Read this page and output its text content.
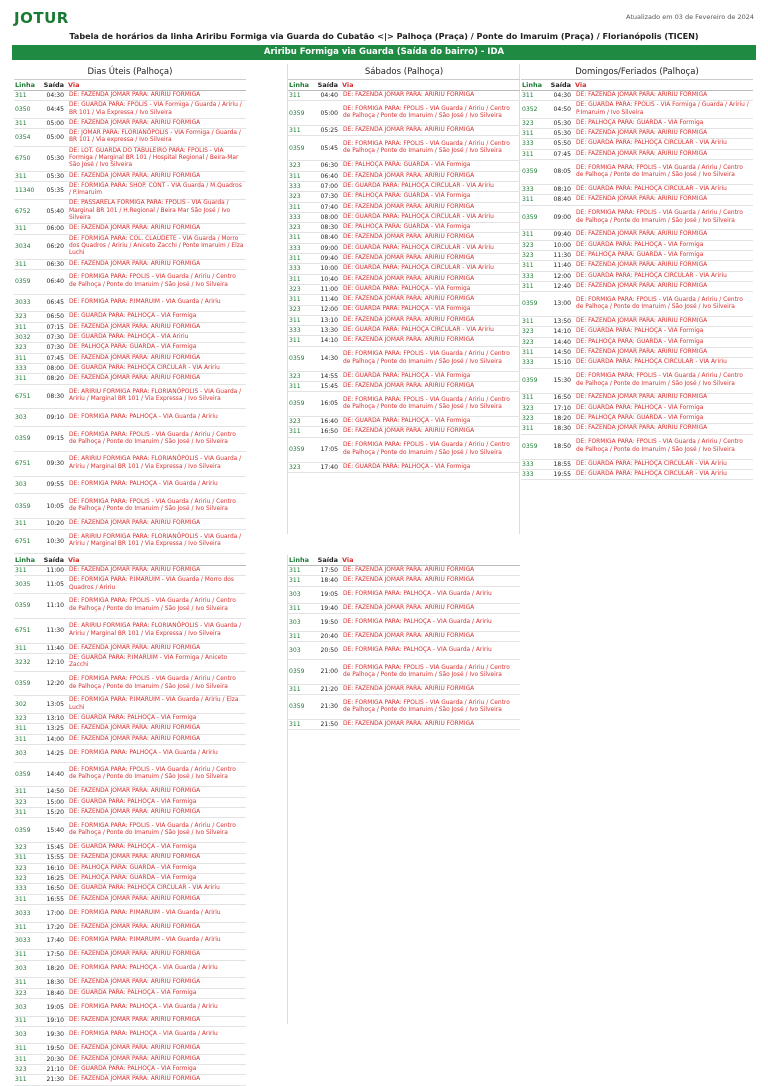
JOTUR	Atualizado em 03 de Fevereiro de 2024
Tabela de horários da linha Ariribu Formiga via Guarda do Cubatão <|> Palhoça (Praça) / Ponte do Imaruim (Praça) / Florianópolis (TICEN)
Ariribu Formiga via Guarda (Saída do bairro) - IDA
Dias Úteis (Palhoça)
Linha	Saída Via
311	04:30 DE: FAZENDA JOMAR PARA: ARIRIU FORMIGA
0350	04:45
DE: GUARDA PARA: FPOLIS - VIA Formiga / Guarda / Aririu / BR 101 / Via Expressa / Ivo Silveira
311	05:00 DE: FAZENDA JOMAR PARA: ARIRIU FORMIGA
0354	05:00
DE: JOMAR PARA: FLORIANÓPOLIS - VIA Formiga / Guarda / BR 101 / Via expressa / Ivo Silveira
6750	05:30
DE: LOT. GUARDA DO TABULEIRO PARA: FPOLIS - VIA Formiga / Marginal BR 101 / Hospital Regional / Beira-Mar São José / Ivo Silveira
311	05:30 DE: FAZENDA JOMAR PARA: ARIRIU FORMIGA
11340	05:35
DE: FORMIGA PARA: SHOP. CONT - VIA Guarda / M.Quadros / P.Imaruim
6752	05:40
DE: PASSARELA FORMIGA PARA: FPOLIS - VIA Guarda / Marginal BR 101 / H.Regional / Beira Mar São José / Ivo Silveira
311	06:00 DE: FAZENDA JOMAR PARA: ARIRIU FORMIGA
3034	06:20
DE: FORMIGA PARA: COL. CLAUDETE - VIA Guarda / Morro dos Quadros / Aririu / Aniceto Zacchi / Ponte Imaruim / Elza Luchi
311	06:30 DE: FAZENDA JOMAR PARA: ARIRIU FORMIGA
0359	06:40
DE: FORMIGA PARA: FPOLIS - VIA Guarda / Aririu / Centro de Palhoça / Ponte do Imaruim / São José / Ivo Silveira
3033	06:45 DE: FORMIGA PARA: P.IMARUIM - VIA Guarda / Aririu
323	06:50 DE: GUARDA PARA: PALHOÇA - VIA Formiga
311	07:15 DE: FAZENDA JOMAR PARA: ARIRIU FORMIGA
3032	07:30 DE: GUARDA PARA: PALHOÇA - VIA Aririu
323	07:30 DE: PALHOÇA PARA: GUARDA - VIA Formiga
311	07:45 DE: FAZENDA JOMAR PARA: ARIRIU FORMIGA
333	08:00 DE: GUARDA PARA: PALHOÇA CIRCULAR - VIA Aririu
311	08:20 DE: FAZENDA JOMAR PARA: ARIRIU FORMIGA
6751	08:30
DE: ARIRIU FORMIGA PARA: FLORIANÓPOLIS - VIA Guarda / Aririu / Marginal BR 101 / Via Expressa / Ivo Silveira
303	09:10 DE: FORMIGA PARA: PALHOÇA - VIA Guarda / Aririu
0359	09:15
DE: FORMIGA PARA: FPOLIS - VIA Guarda / Aririu / Centro de Palhoça / Ponte do Imaruim / São José / Ivo Silveira
6751	09:30
DE: ARIRIU FORMIGA PARA: FLORIANÓPOLIS - VIA Guarda / Aririu / Marginal BR 101 / Via Expressa / Ivo Silveira
303	09:55 DE: FORMIGA PARA: PALHOÇA - VIA Guarda / Aririu
0359	10:05
DE: FORMIGA PARA: FPOLIS - VIA Guarda / Aririu / Centro de Palhoça / Ponte do Imaruim / São José / Ivo Silveira
311	10:20 DE: FAZENDA JOMAR PARA: ARIRIU FORMIGA
6751	10:30
DE: ARIRIU FORMIGA PARA: FLORIANÓPOLIS - VIA Guarda / Aririu / Marginal BR 101 / Via Expressa / Ivo Silveira
Sábados (Palhoça)
Linha	Saída Via
311	04:40 DE: FAZENDA JOMAR PARA: ARIRIU FORMIGA
0359	05:00
DE: FORMIGA PARA: FPOLIS - VIA Guarda / Aririu / Centro de Palhoça / Ponte do Imaruim / São José / Ivo Silveira
311	05:25 DE: FAZENDA JOMAR PARA: ARIRIU FORMIGA
0359	05:45
DE: FORMIGA PARA: FPOLIS - VIA Guarda / Aririu / Centro de Palhoça / Ponte do Imaruim / São José / Ivo Silveira
323	06:30 DE: PALHOÇA PARA: GUARDA - VIA Formiga
311	06:40 DE: FAZENDA JOMAR PARA: ARIRIU FORMIGA
333	07:00 DE: GUARDA PARA: PALHOÇA CIRCULAR - VIA Aririu
323	07:30 DE: PALHOÇA PARA: GUARDA - VIA Formiga
311	07:40 DE: FAZENDA JOMAR PARA: ARIRIU FORMIGA
333	08:00 DE: GUARDA PARA: PALHOÇA CIRCULAR - VIA Aririu
323	08:30 DE: PALHOÇA PARA: GUARDA - VIA Formiga
311	08:40 DE: FAZENDA JOMAR PARA: ARIRIU FORMIGA
333	09:00 DE: GUARDA PARA: PALHOÇA CIRCULAR - VIA Aririu
311	09:40 DE: FAZENDA JOMAR PARA: ARIRIU FORMIGA
333	10:00 DE: GUARDA PARA: PALHOÇA CIRCULAR - VIA Aririu
311	10:40 DE: FAZENDA JOMAR PARA: ARIRIU FORMIGA
323	11:00 DE: GUARDA PARA: PALHOÇA - VIA Formiga
311	11:40 DE: FAZENDA JOMAR PARA: ARIRIU FORMIGA
323	12:00 DE: GUARDA PARA: PALHOÇA - VIA Formiga
311	13:10 DE: FAZENDA JOMAR PARA: ARIRIU FORMIGA
333	13:30 DE: GUARDA PARA: PALHOÇA CIRCULAR - VIA Aririu
311	14:10 DE: FAZENDA JOMAR PARA: ARIRIU FORMIGA
0359	14:30
DE: FORMIGA PARA: FPOLIS - VIA Guarda / Aririu / Centro de Palhoça / Ponte do Imaruim / São José / Ivo Silveira
323	14:55 DE: GUARDA PARA: PALHOÇA - VIA Formiga
311	15:45 DE: FAZENDA JOMAR PARA: ARIRIU FORMIGA
0359	16:05
DE: FORMIGA PARA: FPOLIS - VIA Guarda / Aririu / Centro de Palhoça / Ponte do Imaruim / São José / Ivo Silveira
323	16:40 DE: GUARDA PARA: PALHOÇA - VIA Formiga
311	16:50 DE: FAZENDA JOMAR PARA: ARIRIU FORMIGA
0359	17:05
DE: FORMIGA PARA: FPOLIS - VIA Guarda / Aririu / Centro de Palhoça / Ponte do Imaruim / São José / Ivo Silveira
323	17:40 DE: GUARDA PARA: PALHOÇA - VIA Formiga
Domingos/Feriados (Palhoça)
Linha	Saída Via
311	04:30 DE: FAZENDA JOMAR PARA: ARIRIU FORMIGA
0352	04:50
DE: GUARDA PARA: FPOLIS - VIA Formiga / Guarda / Aririu / P.Imaruim / Ivo Silveira
323	05:30 DE: PALHOÇA PARA: GUARDA - VIA Formiga
311	05:30 DE: FAZENDA JOMAR PARA: ARIRIU FORMIGA
333	05:50 DE: GUARDA PARA: PALHOÇA CIRCULAR - VIA Aririu
311	07:45 DE: FAZENDA JOMAR PARA: ARIRIU FORMIGA
0359	08:05
DE: FORMIGA PARA: FPOLIS - VIA Guarda / Aririu / Centro de Palhoça / Ponte do Imaruim / São José / Ivo Silveira
333	08:10 DE: GUARDA PARA: PALHOÇA CIRCULAR - VIA Aririu
311	08:40 DE: FAZENDA JOMAR PARA: ARIRIU FORMIGA
0359	09:00
DE: FORMIGA PARA: FPOLIS - VIA Guarda / Aririu / Centro de Palhoça / Ponte do Imaruim / São José / Ivo Silveira
311	09:40 DE: FAZENDA JOMAR PARA: ARIRIU FORMIGA
323	10:00 DE: GUARDA PARA: PALHOÇA - VIA Formiga
323	11:30 DE: PALHOÇA PARA: GUARDA - VIA Formiga
311	11:40 DE: FAZENDA JOMAR PARA: ARIRIU FORMIGA
333	12:00 DE: GUARDA PARA: PALHOÇA CIRCULAR - VIA Aririu
311	12:40 DE: FAZENDA JOMAR PARA: ARIRIU FORMIGA
0359	13:00
DE: FORMIGA PARA: FPOLIS - VIA Guarda / Aririu / Centro de Palhoça / Ponte do Imaruim / São José / Ivo Silveira
311	13:50 DE: FAZENDA JOMAR PARA: ARIRIU FORMIGA
323	14:10 DE: GUARDA PARA: PALHOÇA - VIA Formiga
323	14:40 DE: PALHOÇA PARA: GUARDA - VIA Formiga
311	14:50 DE: FAZENDA JOMAR PARA: ARIRIU FORMIGA
333	15:10 DE: GUARDA PARA: PALHOÇA CIRCULAR - VIA Aririu
0359	15:30
DE: FORMIGA PARA: FPOLIS - VIA Guarda / Aririu / Centro de Palhoça / Ponte do Imaruim / São José / Ivo Silveira
311	16:50 DE: FAZENDA JOMAR PARA: ARIRIU FORMIGA
323	17:10 DE: GUARDA PARA: PALHOÇA - VIA Formiga
323	18:20 DE: PALHOÇA PARA: GUARDA - VIA Formiga
311	18:30 DE: FAZENDA JOMAR PARA: ARIRIU FORMIGA
0359	18:50
DE: FORMIGA PARA: FPOLIS - VIA Guarda / Aririu / Centro de Palhoça / Ponte do Imaruim / São José / Ivo Silveira
333	18:55 DE: GUARDA PARA: PALHOÇA CIRCULAR - VIA Aririu
333	19:55 DE: GUARDA PARA: PALHOÇA CIRCULAR - VIA Aririu
Linha	Saída Via
311	11:00 DE: FAZENDA JOMAR PARA: ARIRIU FORMIGA
3035	11:05
DE: FORMIGA PARA: P.IMARUIM - VIA Guarda / Morro dos Quadros / Aririu
0359	11:10
DE: FORMIGA PARA: FPOLIS - VIA Guarda / Aririu / Centro de Palhoça / Ponte do Imaruim / São José / Ivo Silveira
6751	11:30
DE: ARIRIU FORMIGA PARA: FLORIANÓPOLIS - VIA Guarda / Aririu / Marginal BR 101 / Via Expressa / Ivo Silveira
311	11:40 DE: FAZENDA JOMAR PARA: ARIRIU FORMIGA
3232	12:10
DE: GUARDA PARA: P.IMARUIM - VIA Formiga / Aniceto Zacchi
0359	12:20
DE: FORMIGA PARA: FPOLIS - VIA Guarda / Aririu / Centro de Palhoça / Ponte do Imaruim / São José / Ivo Silveira
302	13:05
DE: FORMIGA PARA: P.IMARUIM - VIA Guarda / Aririu / Elza Luchi
323	13:10 DE: GUARDA PARA: PALHOÇA - VIA Formiga
311	13:25 DE: FAZENDA JOMAR PARA: ARIRIU FORMIGA
311	14:00 DE: FAZENDA JOMAR PARA: ARIRIU FORMIGA
303	14:25 DE: FORMIGA PARA: PALHOÇA - VIA Guarda / Aririu
0359	14:40
DE: FORMIGA PARA: FPOLIS - VIA Guarda / Aririu / Centro de Palhoça / Ponte do Imaruim / São José / Ivo Silveira
311	14:50 DE: FAZENDA JOMAR PARA: ARIRIU FORMIGA
323	15:00 DE: GUARDA PARA: PALHOÇA - VIA Formiga
311	15:20 DE: FAZENDA JOMAR PARA: ARIRIU FORMIGA
0359	15:40
DE: FORMIGA PARA: FPOLIS - VIA Guarda / Aririu / Centro de Palhoça / Ponte do Imaruim / São José / Ivo Silveira
323	15:45 DE: GUARDA PARA: PALHOÇA - VIA Formiga
311	15:55 DE: FAZENDA JOMAR PARA: ARIRIU FORMIGA
323	16:10 DE: PALHOÇA PARA: GUARDA - VIA Formiga
323	16:25 DE: PALHOÇA PARA: GUARDA - VIA Formiga
333	16:50 DE: GUARDA PARA: PALHOÇA CIRCULAR - VIA Aririu
311	16:55 DE: FAZENDA JOMAR PARA: ARIRIU FORMIGA
3033	17:00 DE: FORMIGA PARA: P.IMARUIM - VIA Guarda / Aririu
311	17:20 DE: FAZENDA JOMAR PARA: ARIRIU FORMIGA
3033	17:40 DE: FORMIGA PARA: P.IMARUIM - VIA Guarda / Aririu
311	17:50 DE: FAZENDA JOMAR PARA: ARIRIU FORMIGA
303	18:20 DE: FORMIGA PARA: PALHOÇA - VIA Guarda / Aririu
311	18:30 DE: FAZENDA JOMAR PARA: ARIRIU FORMIGA
323	18:40 DE: GUARDA PARA: PALHOÇA - VIA Formiga
303	19:05 DE: FORMIGA PARA: PALHOÇA - VIA Guarda / Aririu
311	19:10 DE: FAZENDA JOMAR PARA: ARIRIU FORMIGA
303	19:30 DE: FORMIGA PARA: PALHOÇA - VIA Guarda / Aririu
311	19:50 DE: FAZENDA JOMAR PARA: ARIRIU FORMIGA
311	20:30 DE: FAZENDA JOMAR PARA: ARIRIU FORMIGA
323	21:10 DE: GUARDA PARA: PALHOÇA - VIA Formiga
311	21:30 DE: FAZENDA JOMAR PARA: ARIRIU FORMIGA
Linha	Saída Via
311	17:50 DE: FAZENDA JOMAR PARA: ARIRIU FORMIGA
311	18:40 DE: FAZENDA JOMAR PARA: ARIRIU FORMIGA
303	19:05 DE: FORMIGA PARA: PALHOÇA - VIA Guarda / Aririu
311	19:40 DE: FAZENDA JOMAR PARA: ARIRIU FORMIGA
303	19:50 DE: FORMIGA PARA: PALHOÇA - VIA Guarda / Aririu
311	20:40 DE: FAZENDA JOMAR PARA: ARIRIU FORMIGA
303	20:50 DE: FORMIGA PARA: PALHOÇA - VIA Guarda / Aririu
0359	21:00
DE: FORMIGA PARA: FPOLIS - VIA Guarda / Aririu / Centro de Palhoça / Ponte do Imaruim / São José / Ivo Silveira
311	21:20 DE: FAZENDA JOMAR PARA: ARIRIU FORMIGA
0359	21:30
DE: FORMIGA PARA: FPOLIS - VIA Guarda / Aririu / Centro de Palhoça / Ponte do Imaruim / São José / Ivo Silveira
311	21:50 DE: FAZENDA JOMAR PARA: ARIRIU FORMIGA
